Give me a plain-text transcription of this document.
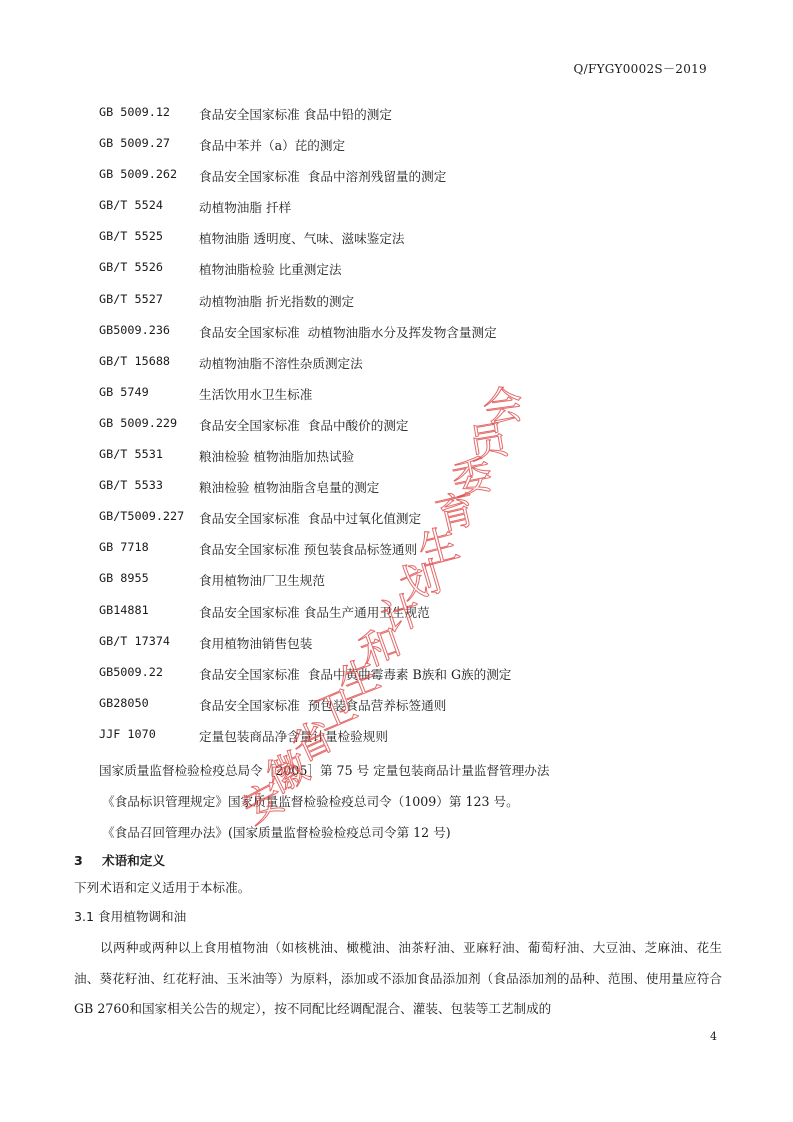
Q/FYGY0002S－2019
GB 5009.12	食品安全国家标准 食品中铅的测定
GB 5009.27	食品中苯并（a）芘的测定
GB 5009.262	食品安全国家标准  食品中溶剂残留量的测定
GB/T 5524	动植物油脂 扦样
GB/T 5525	植物油脂 透明度、气味、滋味鉴定法
GB/T 5526	植物油脂检验 比重测定法
GB/T 5527	动植物油脂 折光指数的测定
GB5009.236	食品安全国家标准  动植物油脂水分及挥发物含量测定
GB/T 15688	动植物油脂不溶性杂质测定法
GB 5749	生活饮用水卫生标准
GB 5009.229	食品安全国家标准  食品中酸价的测定
GB/T 5531	粮油检验 植物油脂加热试验
GB/T 5533	粮油检验 植物油脂含皂量的测定
GB/T5009.227	食品安全国家标准  食品中过氧化值测定
GB 7718	食品安全国家标准 预包装食品标签通则
GB 8955	食用植物油厂卫生规范
GB14881	食品安全国家标准 食品生产通用卫生规范
GB/T 17374	食用植物油销售包装
GB5009.22	食品安全国家标准  食品中黄曲霉毒素 B族和 G族的测定
GB28050	食品安全国家标准  预包装食品营养标签通则
JJF 1070	定量包装商品净含量计量检验规则
国家质量监督检验检疫总局令［2005］第 75 号 定量包装商品计量监督管理办法
《食品标识管理规定》国家质量监督检验检疫总司令（1009）第 123 号。
《食品召回管理办法》(国家质量监督检验检疫总司令第 12 号)
3 术语和定义
下列术语和定义适用于本标准。
3.1 食用植物调和油
以两种或两种以上食用植物油（如核桃油、橄榄油、油茶籽油、亚麻籽油、葡萄籽油、大豆油、芝麻油、花生油、葵花籽油、红花籽油、玉米油等）为原料，添加或不添加食品添加剂（食品添加剂的品种、范围、使用量应符合 GB 2760和国家相关公告的规定），按不同配比经调配混合、灌装、包装等工艺制成的
4
安
徽
省
卫
生
和
计
划
生
育
委
员
会
